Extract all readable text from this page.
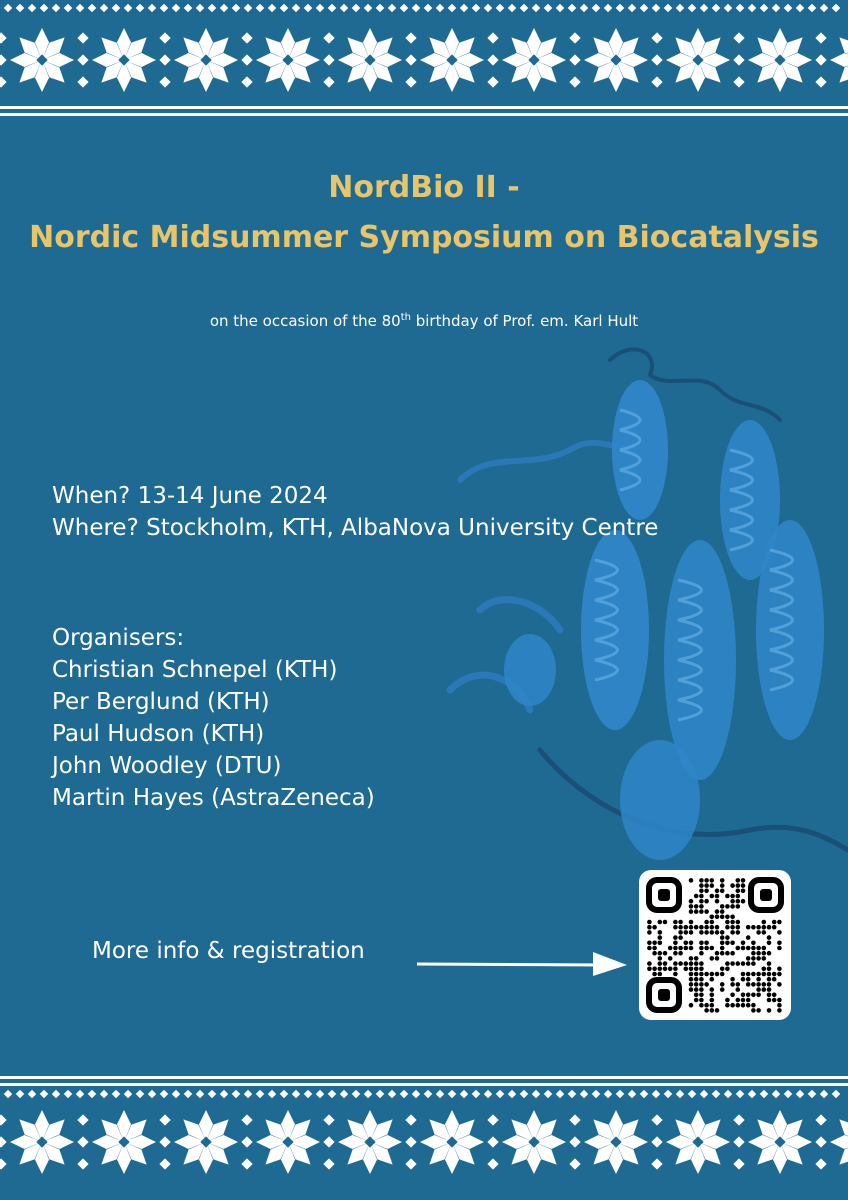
NordBio II -
Nordic Midsummer Symposium on Biocatalysis
on the occasion of the 80th birthday of Prof. em. Karl Hult
When? 13-14 June 2024
Where? Stockholm, KTH, AlbaNova University Centre
Organisers:
Christian Schnepel (KTH)
Per Berglund (KTH)
Paul Hudson (KTH)
John Woodley (DTU)
Martin Hayes (AstraZeneca)
More info & registration
